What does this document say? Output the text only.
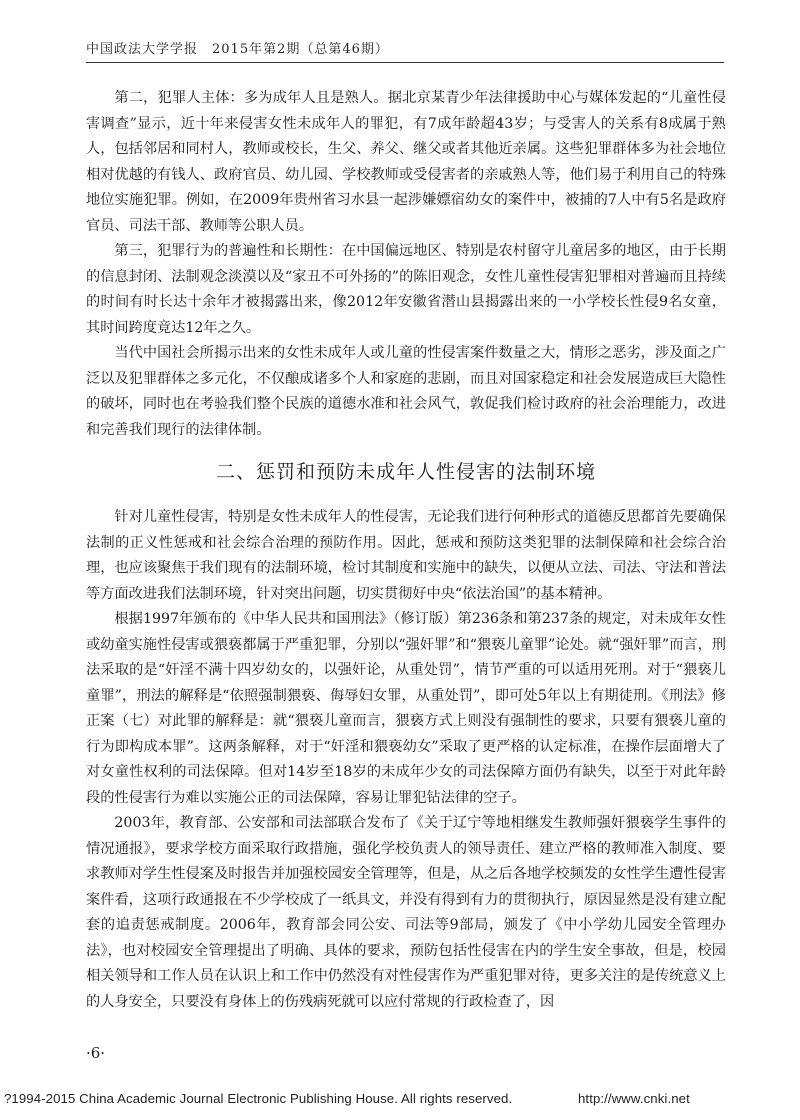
中国政法大学学报　2015年第2期（总第46期）

第二，犯罪人主体：多为成年人且是熟人。据北京某青少年法律援助中心与媒体发起的“儿童性侵害调查”显示，近十年来侵害女性未成年人的罪犯，有7成年龄超43岁；与受害人的关系有8成属于熟人，包括邻居和同村人，教师或校长，生父、养父、继父或者其他近亲属。这些犯罪群体多为社会地位相对优越的有钱人、政府官员、幼儿园、学校教师或受侵害者的亲戚熟人等，他们易于利用自己的特殊地位实施犯罪。例如，在2009年贵州省习水县一起涉嫌嫖宿幼女的案件中，被捕的7人中有5名是政府官员、司法干部、教师等公职人员。

第三，犯罪行为的普遍性和长期性：在中国偏远地区、特别是农村留守儿童居多的地区，由于长期的信息封闭、法制观念淡漠以及“家丑不可外扬的”的陈旧观念，女性儿童性侵害犯罪相对普遍而且持续的时间有时长达十余年才被揭露出来，像2012年安徽省潜山县揭露出来的一小学校长性侵9名女童，其时间跨度竟达12年之久。

当代中国社会所揭示出来的女性未成年人或儿童的性侵害案件数量之大，情形之恶劣，涉及面之广泛以及犯罪群体之多元化，不仅酿成诸多个人和家庭的悲剧，而且对国家稳定和社会发展造成巨大隐性的破坏，同时也在考验我们整个民族的道德水准和社会风气，敦促我们检讨政府的社会治理能力，改进和完善我们现行的法律体制。

二、惩罚和预防未成年人性侵害的法制环境

针对儿童性侵害，特别是女性未成年人的性侵害，无论我们进行何种形式的道德反思都首先要确保法制的正义性惩戒和社会综合治理的预防作用。因此，惩戒和预防这类犯罪的法制保障和社会综合治理，也应该聚焦于我们现有的法制环境，检讨其制度和实施中的缺失，以便从立法、司法、守法和普法等方面改进我们法制环境，针对突出问题，切实贯彻好中央“依法治国”的基本精神。

根据1997年颁布的《中华人民共和国刑法》（修订版）第236条和第237条的规定，对未成年女性或幼童实施性侵害或猥亵都属于严重犯罪，分别以“强奸罪”和“猥亵儿童罪”论处。就“强奸罪”而言，刑法采取的是“奸淫不满十四岁幼女的，以强奸论，从重处罚”，情节严重的可以适用死刑。对于“猥亵儿童罪”，刑法的解释是“依照强制猥亵、侮辱妇女罪，从重处罚”，即可处5年以上有期徒刑。《刑法》修正案（七）对此罪的解释是：就“猥亵儿童而言，猥亵方式上则没有强制性的要求，只要有猥亵儿童的行为即构成本罪”。这两条解释，对于“奸淫和猥亵幼女”采取了更严格的认定标准，在操作层面增大了对女童性权利的司法保障。但对14岁至18岁的未成年少女的司法保障方面仍有缺失，以至于对此年龄段的性侵害行为难以实施公正的司法保障，容易让罪犯钻法律的空子。

2003年，教育部、公安部和司法部联合发布了《关于辽宁等地相继发生教师强奸猥亵学生事件的情况通报》，要求学校方面采取行政措施，强化学校负责人的领导责任、建立严格的教师准入制度、要求教师对学生性侵案及时报告并加强校园安全管理等，但是，从之后各地学校频发的女性学生遭性侵害案件看，这项行政通报在不少学校成了一纸具文，并没有得到有力的贯彻执行，原因显然是没有建立配套的追责惩戒制度。2006年，教育部会同公安、司法等9部局，颁发了《中小学幼儿园安全管理办法》，也对校园安全管理提出了明确、具体的要求，预防包括性侵害在内的学生安全事故，但是，校园相关领导和工作人员在认识上和工作中仍然没有对性侵害作为严重犯罪对待，更多关注的是传统意义上的人身安全，只要没有身体上的伤残病死就可以应付常规的行政检查了，因

·6·
?1994-2015 China Academic Journal Electronic Publishing House. All rights reserved.	http://www.cnki.net
